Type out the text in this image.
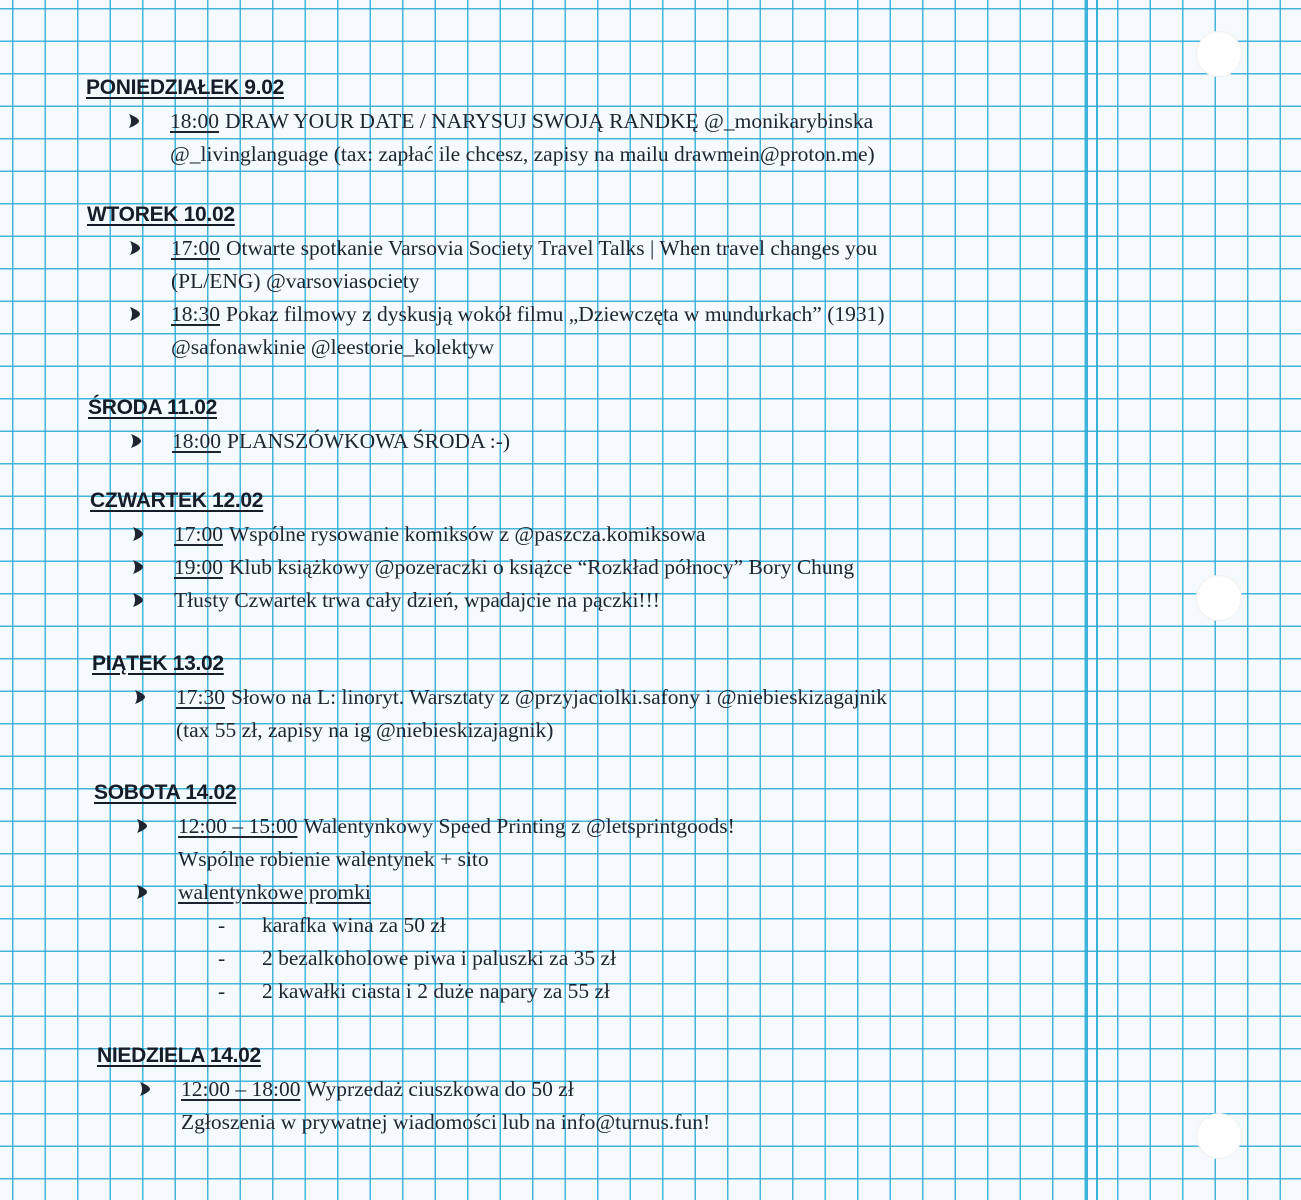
PONIEDZIAŁEK 9.02
18:00 DRAW YOUR DATE / NARYSUJ SWOJĄ RANDKĘ @_monikarybinska
@_livinglanguage (tax: zapłać ile chcesz, zapisy na mailu drawmein@proton.me)
WTOREK 10.02
17:00 Otwarte spotkanie Varsovia Society Travel Talks | When travel changes you
(PL/ENG) @varsoviasociety
18:30 Pokaz filmowy z dyskusją wokół filmu „Dziewczęta w mundurkach” (1931)
@safonawkinie @leestorie_kolektyw
ŚRODA 11.02
18:00 PLANSZÓWKOWA ŚRODA :-)
CZWARTEK 12.02
17:00 Wspólne rysowanie komiksów z @paszcza.komiksowa
19:00 Klub książkowy @pozeraczki o książce “Rozkład północy” Bory Chung
Tłusty Czwartek trwa cały dzień, wpadajcie na pączki!!!
PIĄTEK 13.02
17:30 Słowo na L: linoryt. Warsztaty z @przyjaciolki.safony i @niebieskizagajnik
(tax 55 zł, zapisy na ig @niebieskizajagnik)
SOBOTA 14.02
12:00 – 15:00 Walentynkowy Speed Printing z @letsprintgoods!
Wspólne robienie walentynek + sito
walentynkowe promki
- karafka wina za 50 zł
- 2 bezalkoholowe piwa i paluszki za 35 zł
- 2 kawałki ciasta i 2 duże napary za 55 zł
NIEDZIELA 14.02
12:00 – 18:00 Wyprzedaż ciuszkowa do 50 zł
Zgłoszenia w prywatnej wiadomości lub na info@turnus.fun!
